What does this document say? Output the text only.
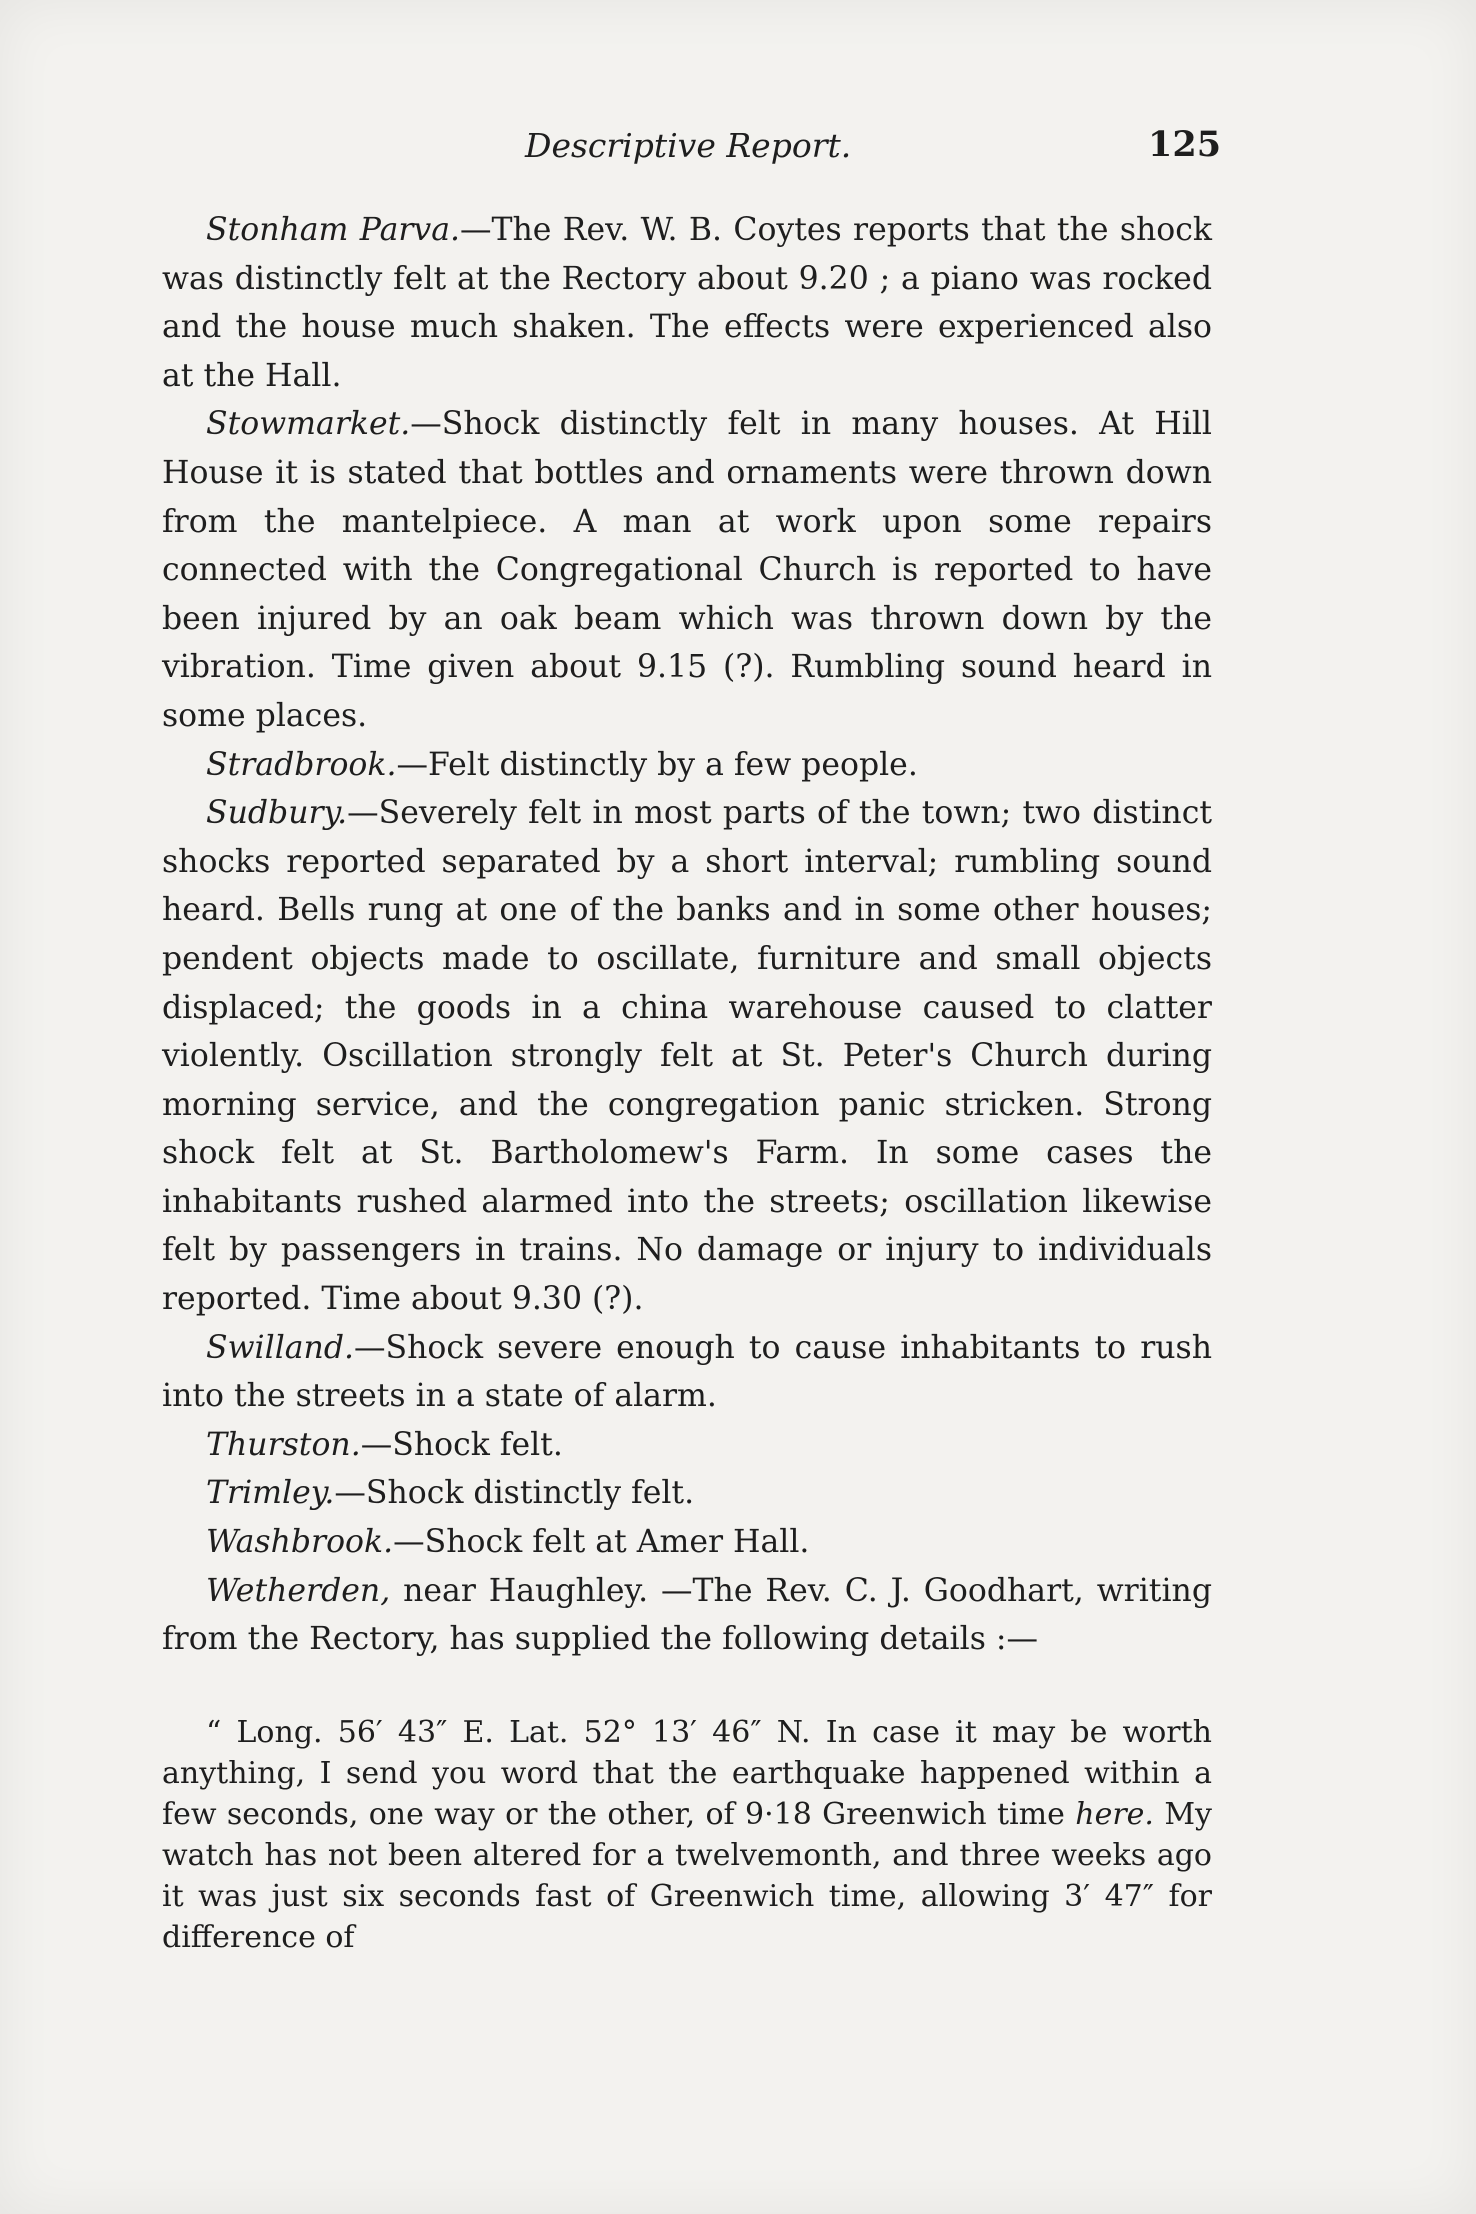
Descriptive Report.	125

Stonham Parva.—The Rev. W. B. Coytes reports that the shock was distinctly felt at the Rectory about 9.20 ; a piano was rocked and the house much shaken. The effects were experienced also at the Hall.

Stowmarket.—Shock distinctly felt in many houses. At Hill House it is stated that bottles and ornaments were thrown down from the mantelpiece. A man at work upon some repairs connected with the Congregational Church is reported to have been injured by an oak beam which was thrown down by the vibration. Time given about 9.15 (?). Rumbling sound heard in some places.

Stradbrook.—Felt distinctly by a few people.

Sudbury.—Severely felt in most parts of the town; two distinct shocks reported separated by a short interval; rumbling sound heard. Bells rung at one of the banks and in some other houses; pendent objects made to oscillate, furniture and small objects displaced; the goods in a china warehouse caused to clatter violently. Oscillation strongly felt at St. Peter's Church during morning service, and the congregation panic stricken. Strong shock felt at St. Bartholomew's Farm. In some cases the inhabitants rushed alarmed into the streets; oscillation likewise felt by passengers in trains. No damage or injury to individuals reported. Time about 9.30 (?).

Swilland.—Shock severe enough to cause inhabitants to rush into the streets in a state of alarm.

Thurston.—Shock felt.

Trimley.—Shock distinctly felt.

Washbrook.—Shock felt at Amer Hall.

Wetherden, near Haughley. —The Rev. C. J. Goodhart, writing from the Rectory, has supplied the following details :—

“ Long. 56′ 43″ E. Lat. 52° 13′ 46″ N. In case it may be worth anything, I send you word that the earthquake happened within a few seconds, one way or the other, of 9·18 Greenwich time here. My watch has not been altered for a twelvemonth, and three weeks ago it was just six seconds fast of Greenwich time, allowing 3′ 47″ for difference of
